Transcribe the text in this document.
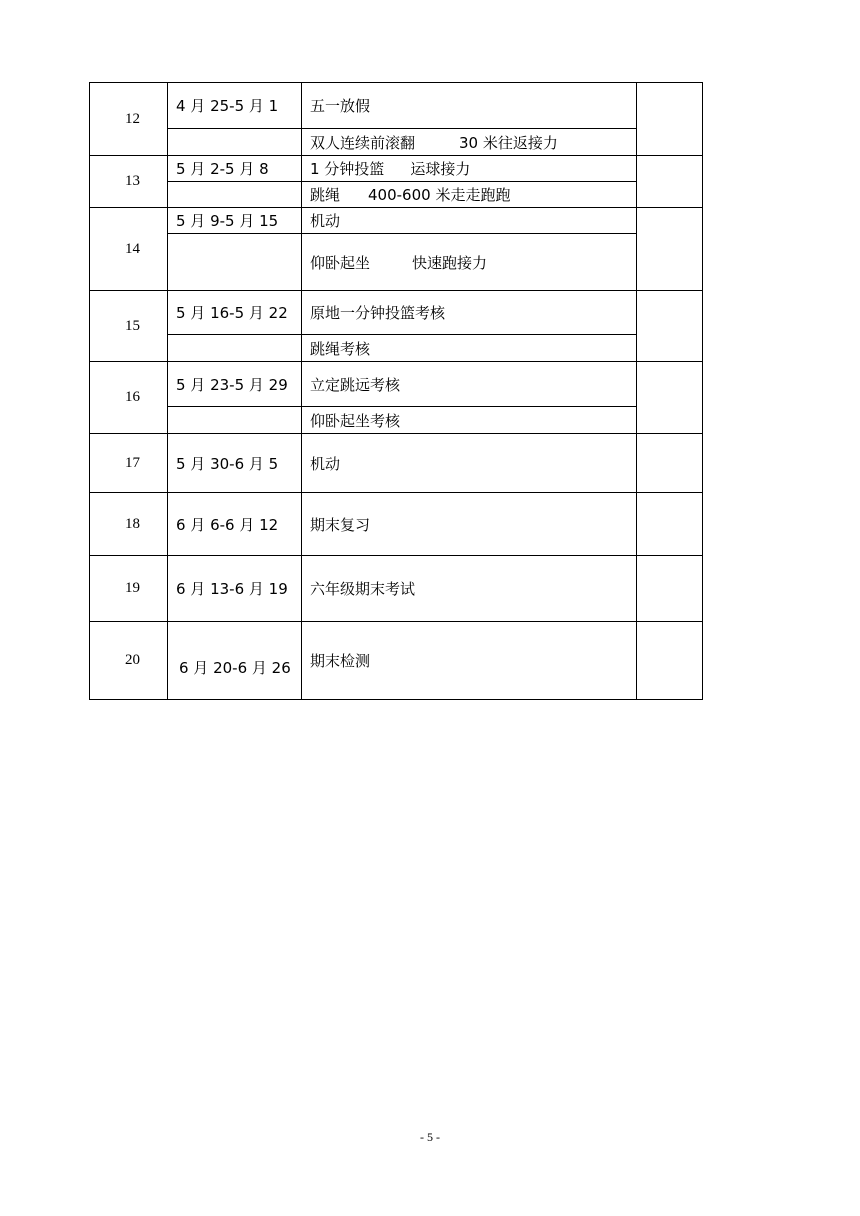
12	4 月 25-5 月 1	五一放假	
		双人连续前滚翻 30 米往返接力	
13	5 月 2-5 月 8	1 分钟投篮 运球接力	
		跳绳 400-600 米走走跑跑	
14	5 月 9-5 月 15	机动	
		仰卧起坐 快速跑接力	
15	5 月 16-5 月 22	原地一分钟投篮考核	
		跳绳考核	
16	5 月 23-5 月 29	立定跳远考核	
		仰卧起坐考核	
17	5 月 30-6 月 5	机动	
18	6 月 6-6 月 12	期末复习	
19	6 月 13-6 月 19	六年级期末考试	
20	6 月 20-6 月 26	期末检测	
- 5 -
